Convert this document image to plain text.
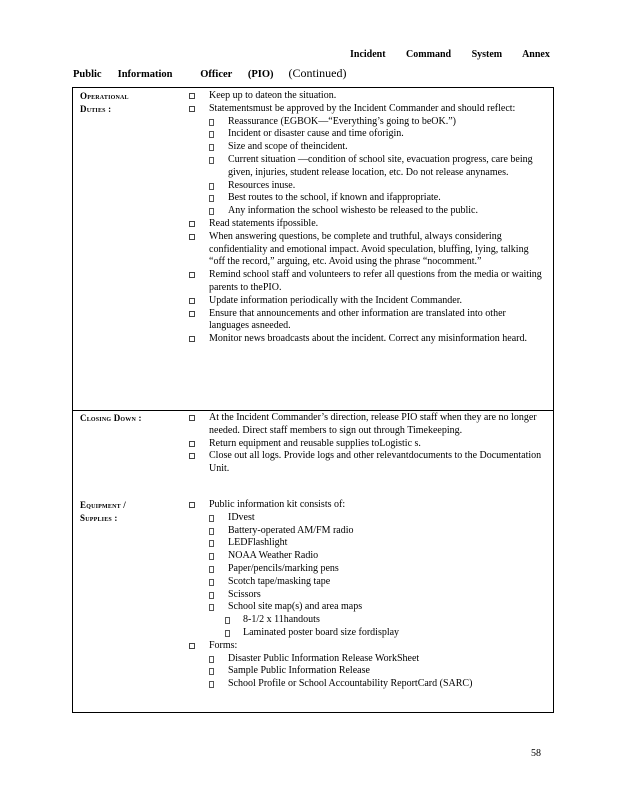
Incident Command System Annex
Public Information	Officer (PIO) (Continued)
Operational
Duties :
Keep up to dateon the situation.
Statementsmust be approved by the Incident Commander and should reflect:
Reassurance (EGBOK—“Everything’s going to beOK.”)
Incident or disaster cause and time oforigin.
Size and scope of theincident.
Current situation —condition of school site, evacuation progress, care being given, injuries, student release location, etc. Do not release anynames.
Resources inuse.
Best routes to the school, if known and ifappropriate.
Any information the school wishesto be released to the public.
Read statements ifpossible.
When answering questions, be complete and truthful, always considering confidentiality and emotional impact. Avoid speculation, bluffing, lying, talking “off the record,” arguing, etc. Avoid using the phrase “nocomment.”
Remind school staff and volunteers to refer all questions from the media or waiting parents to thePIO.
Update information periodically with the Incident Commander.
Ensure that announcements and other information are translated into other languages asneeded.
Monitor news broadcasts about the incident. Correct any misinformation heard.
Closing Down :
Equipment /
Supplies :
At the Incident Commander’s direction, release PIO staff when they are no longer needed. Direct staff members to sign out through Timekeeping.
Return equipment and reusable supplies toLogistic s.
Close out all logs. Provide logs and other relevantdocuments to the Documentation Unit.
Public information kit consists of:
IDvest
Battery-operated AM/FM radio
LEDFlashlight
NOAA Weather Radio
Paper/pencils/marking pens
Scotch tape/masking tape
Scissors
School site map(s) and area maps
8-1/2 x 11handouts
Laminated poster board size fordisplay
Forms:
Disaster Public Information Release WorkSheet
Sample Public Information Release
School Profile or School Accountability ReportCard (SARC)
58
